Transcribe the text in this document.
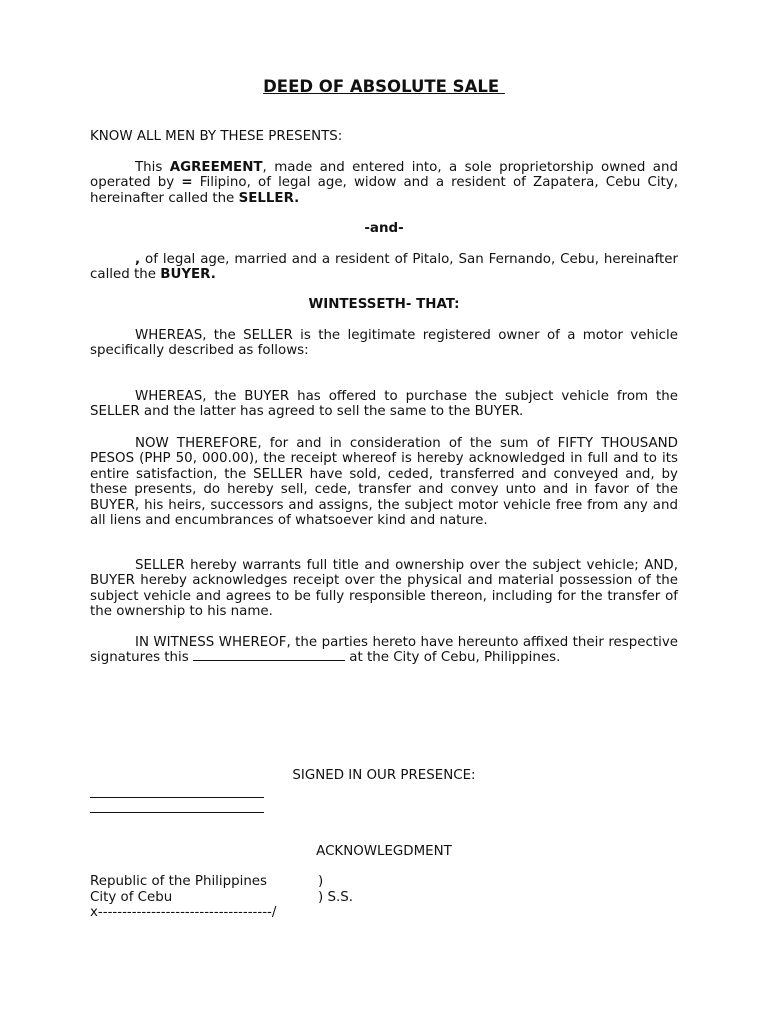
DEED OF ABSOLUTE SALE

KNOW ALL MEN BY THESE PRESENTS:

This AGREEMENT, made and entered into, a sole proprietorship owned and operated by = Filipino, of legal age, widow and a resident of Zapatera, Cebu City, hereinafter called the SELLER.

-and-

, of legal age, married and a resident of Pitalo, San Fernando, Cebu, hereinafter called the BUYER.

WINTESSETH- THAT:

WHEREAS, the SELLER is the legitimate registered owner of a motor vehicle specifically described as follows:

WHEREAS, the BUYER has offered to purchase the subject vehicle from the SELLER and the latter has agreed to sell the same to the BUYER.

NOW THEREFORE, for and in consideration of the sum of FIFTY THOUSAND PESOS (PHP 50, 000.00), the receipt whereof is hereby acknowledged in full and to its entire satisfaction, the SELLER have sold, ceded, transferred and conveyed and, by these presents, do hereby sell, cede, transfer and convey unto and in favor of the BUYER, his heirs, successors and assigns, the subject motor vehicle free from any and all liens and encumbrances of whatsoever kind and nature.

SELLER hereby warrants full title and ownership over the subject vehicle; AND, BUYER hereby acknowledges receipt over the physical and material possession of the subject vehicle and agrees to be fully responsible thereon, including for the transfer of the ownership to his name.

IN WITNESS WHEREOF, the parties hereto have hereunto affixed their respective signatures this	at the City of Cebu, Philippines.

SIGNED IN OUR PRESENCE:

ACKNOWLEGDMENT

Republic of the Philippines	)

City of Cebu	) S.S.

x------------------------------------/
